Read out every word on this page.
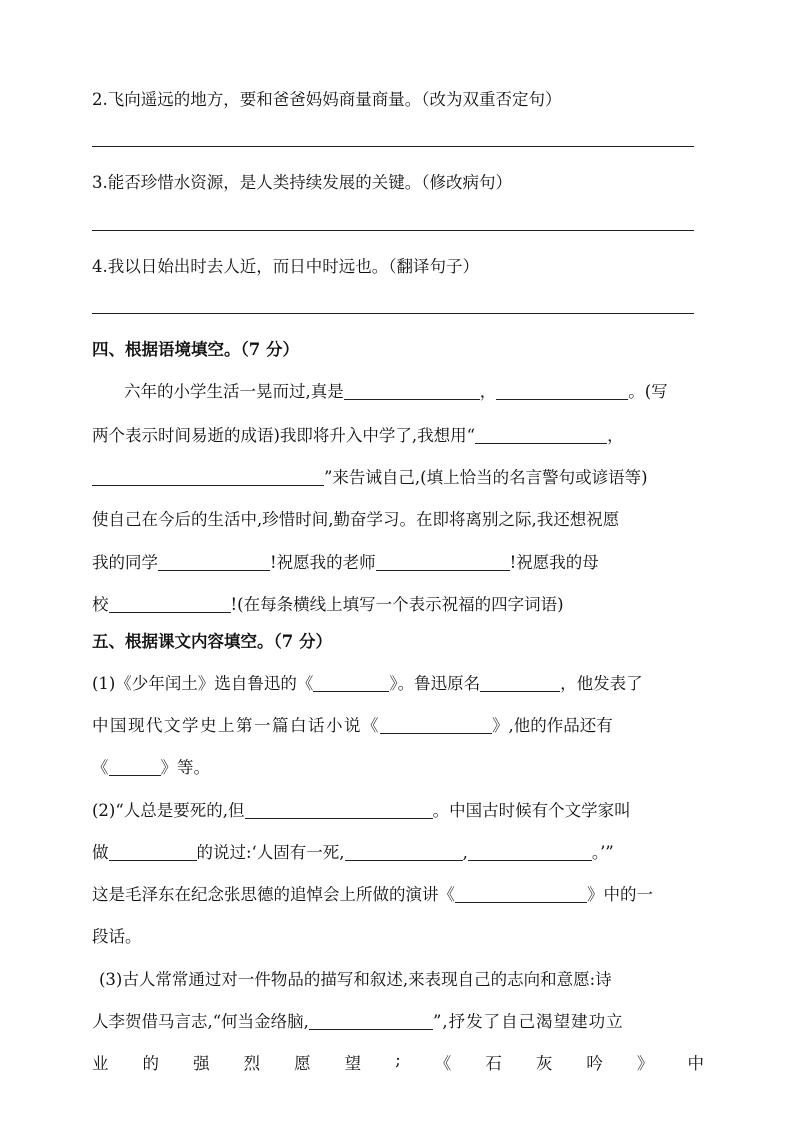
2.飞向遥远的地方，要和爸爸妈妈商量商量。（改为双重否定句）
3.能否珍惜水资源，是人类持续发展的关键。（修改病句）
4.我以日始出时去人近，而日中时远也。（翻译句子）
四、根据语境填空。（7 分）
六年的小学生活一晃而过,真是	，	。(写
两个表示时间易逝的成语)我即将升入中学了,我想用“	，
”来告诫自己,(填上恰当的名言警句或谚语等)
使自己在今后的生活中,珍惜时间,勤奋学习。在即将离别之际,我还想祝愿
我的同学	!祝愿我的老师	!祝愿我的母
校	!(在每条横线上填写一个表示祝福的四字词语)
五、根据课文内容填空。（7 分）
(1)《少年闰土》选自鲁迅的《	》。鲁迅原名	，他发表了
中国现代文学史上第一篇白话小说《	》,他的作品还有
《	》等。
(2)“人总是要死的,但	。中国古时候有个文学家叫
做	的说过:‘人固有一死,	,	。’”
这是毛泽东在纪念张思德的追悼会上所做的演讲《	》中的一
段话。
(3)古人常常通过对一件物品的描写和叙述,来表现自己的志向和意愿:诗
人李贺借马言志,“何当金络脑,	”,抒发了自己渴望建功立
业 的 强 烈 愿 望 ; 《 石 灰 吟 》 中
